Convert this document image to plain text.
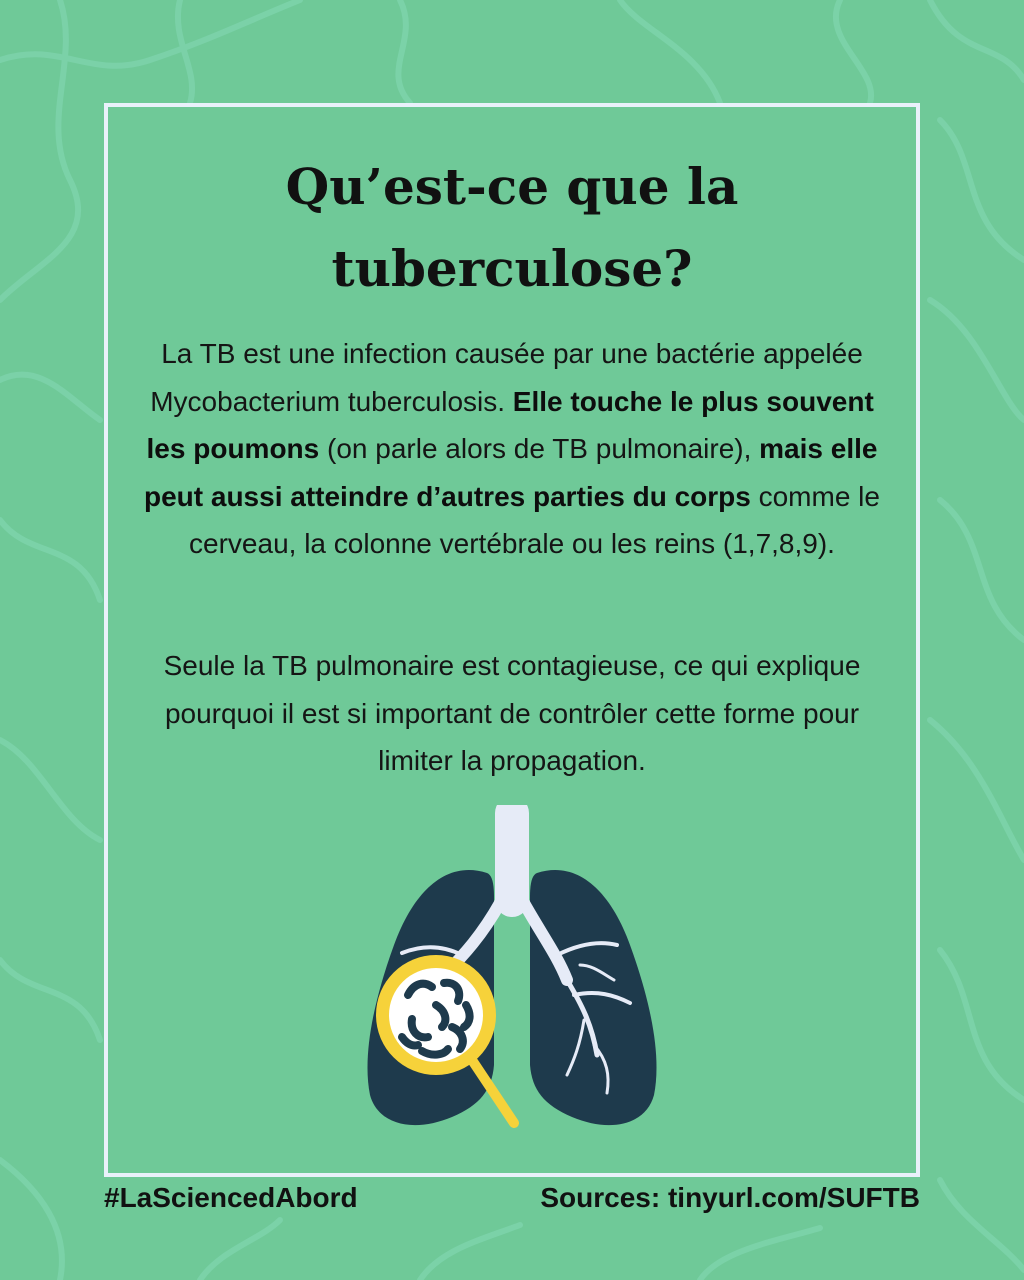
Qu’est-ce que la
tuberculose?

La TB est une infection causée par une bactérie appelée Mycobacterium tuberculosis. Elle touche le plus souvent les poumons (on parle alors de TB pulmonaire), mais elle peut aussi atteindre d’autres parties du corps comme le cerveau, la colonne vertébrale ou les reins (1,7,8,9).

Seule la TB pulmonaire est contagieuse, ce qui explique pourquoi il est si important de contrôler cette forme pour limiter la propagation.

#LaSciencedAbord	Sources: tinyurl.com/SUFTB
